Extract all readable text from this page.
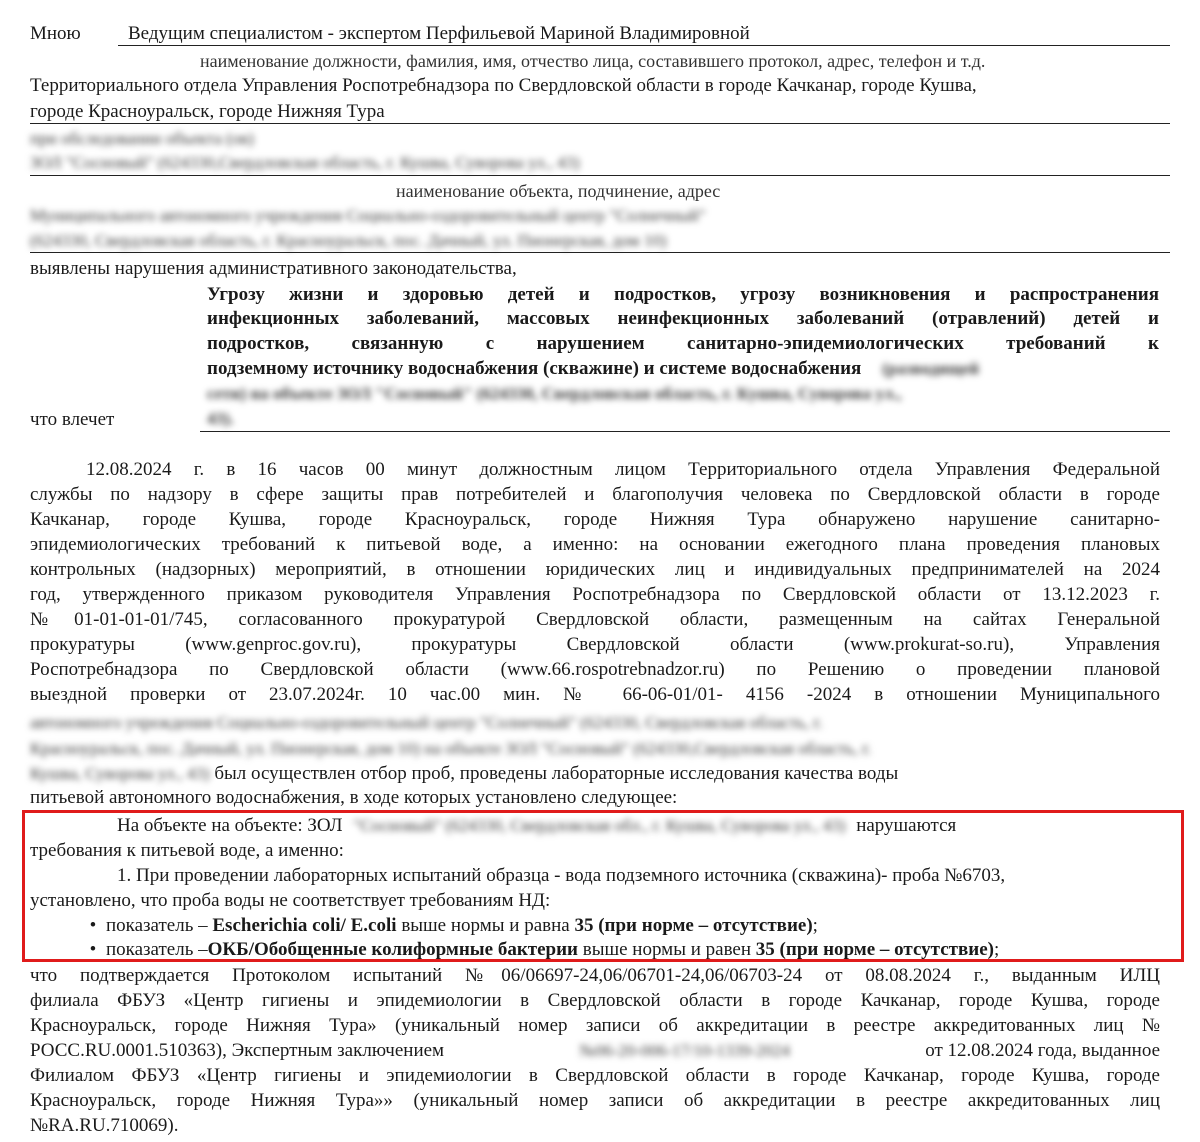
Мною Ведущим специалистом - экспертом Перфильевой Мариной Владимировной
наименование должности, фамилия, имя, отчество лица, составившего протокол, адрес, телефон и т.д.
Территориального отдела Управления Роспотребнадзора по Свердловской области в городе Качканар, городе Кушва,
городе Красноуральск, городе Нижняя Тура
при обследовании объекта (ов)
ЗОЛ "Сосновый" (624330,Свердловская область, г. Кушва, Суворова ул., 43)
наименование объекта, подчинение, адрес
Муниципального автономного учреждения Социально-оздоровительный центр "Солнечный"
(624330, Свердловская область, г. Красноуральск, пос. Дачный, ул. Пионерская, дом 10)
выявлены нарушения административного законодательства,
Угрозу жизни и здоровью детей и подростков, угрозу возникновения и распространения
инфекционных заболеваний, массовых неинфекционных заболеваний (отравлений) детей и
подростков, связанную с нарушением санитарно-эпидемиологических требований к
подземному источнику водоснабжения (скважине) и системе водоснабжения (разводящей
сети) на объекте ЗОЛ "Сосновый" (624330, Свердловская область, г. Кушва, Суворова ул.,
43).
что влечет
12.08.2024 г. в 16 часов 00 минут должностным лицом Территориального отдела Управления Федеральной
службы по надзору в сфере защиты прав потребителей и благополучия человека по Свердловской области в городе
Качканар, городе Кушва, городе Красноуральск, городе Нижняя Тура обнаружено нарушение санитарно-
эпидемиологических требований к питьевой воде, а именно: на основании ежегодного плана проведения плановых
контрольных (надзорных) мероприятий, в отношении юридических лиц и индивидуальных предпринимателей на 2024
год, утвержденного приказом руководителя Управления Роспотребнадзора по Свердловской области от 13.12.2023 г.
№01-01-01-01/745, согласованного прокуратурой Свердловской области, размещенным на сайтах Генеральной
прокуратуры (www.genproc.gov.ru), прокуратуры Свердловской области (www.prokurat-so.ru), Управления
Роспотребнадзора по Свердловской области (www.66.rospotrebnadzor.ru) по Решению о проведении плановой
выездной проверки от 23.07.2024г. 10 час.00 мин. № 66-06-01/01- 4156 -2024 в отношении Муниципального
автономного учреждения Социально-оздоровительный центр "Солнечный" (624330, Свердловская область, г.
Красноуральск, пос. Дачный, ул. Пионерская, дом 10) на объекте ЗОЛ "Сосновый" (624330,Свердловская область, г.
Кушва, Суворова ул., 43) был осуществлен отбор проб, проведены лабораторные исследования качества воды
питьевой автономного водоснабжения, в ходе которых установлено следующее:
На объекте на объекте: ЗОЛ "Сосновый" (624330, Свердловская обл., г. Кушва, Суворова ул., 43) нарушаются
требования к питьевой воде, а именно:
1. При проведении лабораторных испытаний образца - вода подземного источника (скважина)- проба №6703,
установлено, что проба воды не соответствует требованиям НД:
• показатель – Escherichia coli/ E.coli выше нормы и равна 35 (при норме – отсутствие);
• показатель –ОКБ/Обобщенные колиформные бактерии выше нормы и равен 35 (при норме – отсутствие);
что подтверждается Протоколом испытаний №06/06697-24,06/06701-24,06/06703-24 от 08.08.2024 г., выданным ИЛЦ
филиала ФБУЗ «Центр гигиены и эпидемиологии в Свердловской области в городе Качканар, городе Кушва, городе
Красноуральск, городе Нижняя Тура» (уникальный номер записи об аккредитации в реестре аккредитованных лиц №
РОСС.RU.0001.510363), Экспертным заключением	№06-20-006-17/10-1339-2024	от 12.08.2024 года, выданное
Филиалом ФБУЗ «Центр гигиены и эпидемиологии в Свердловской области в городе Качканар, городе Кушва, городе
Красноуральск, городе Нижняя Тура»» (уникальный номер записи об аккредитации в реестре аккредитованных лиц
№RA.RU.710069).
